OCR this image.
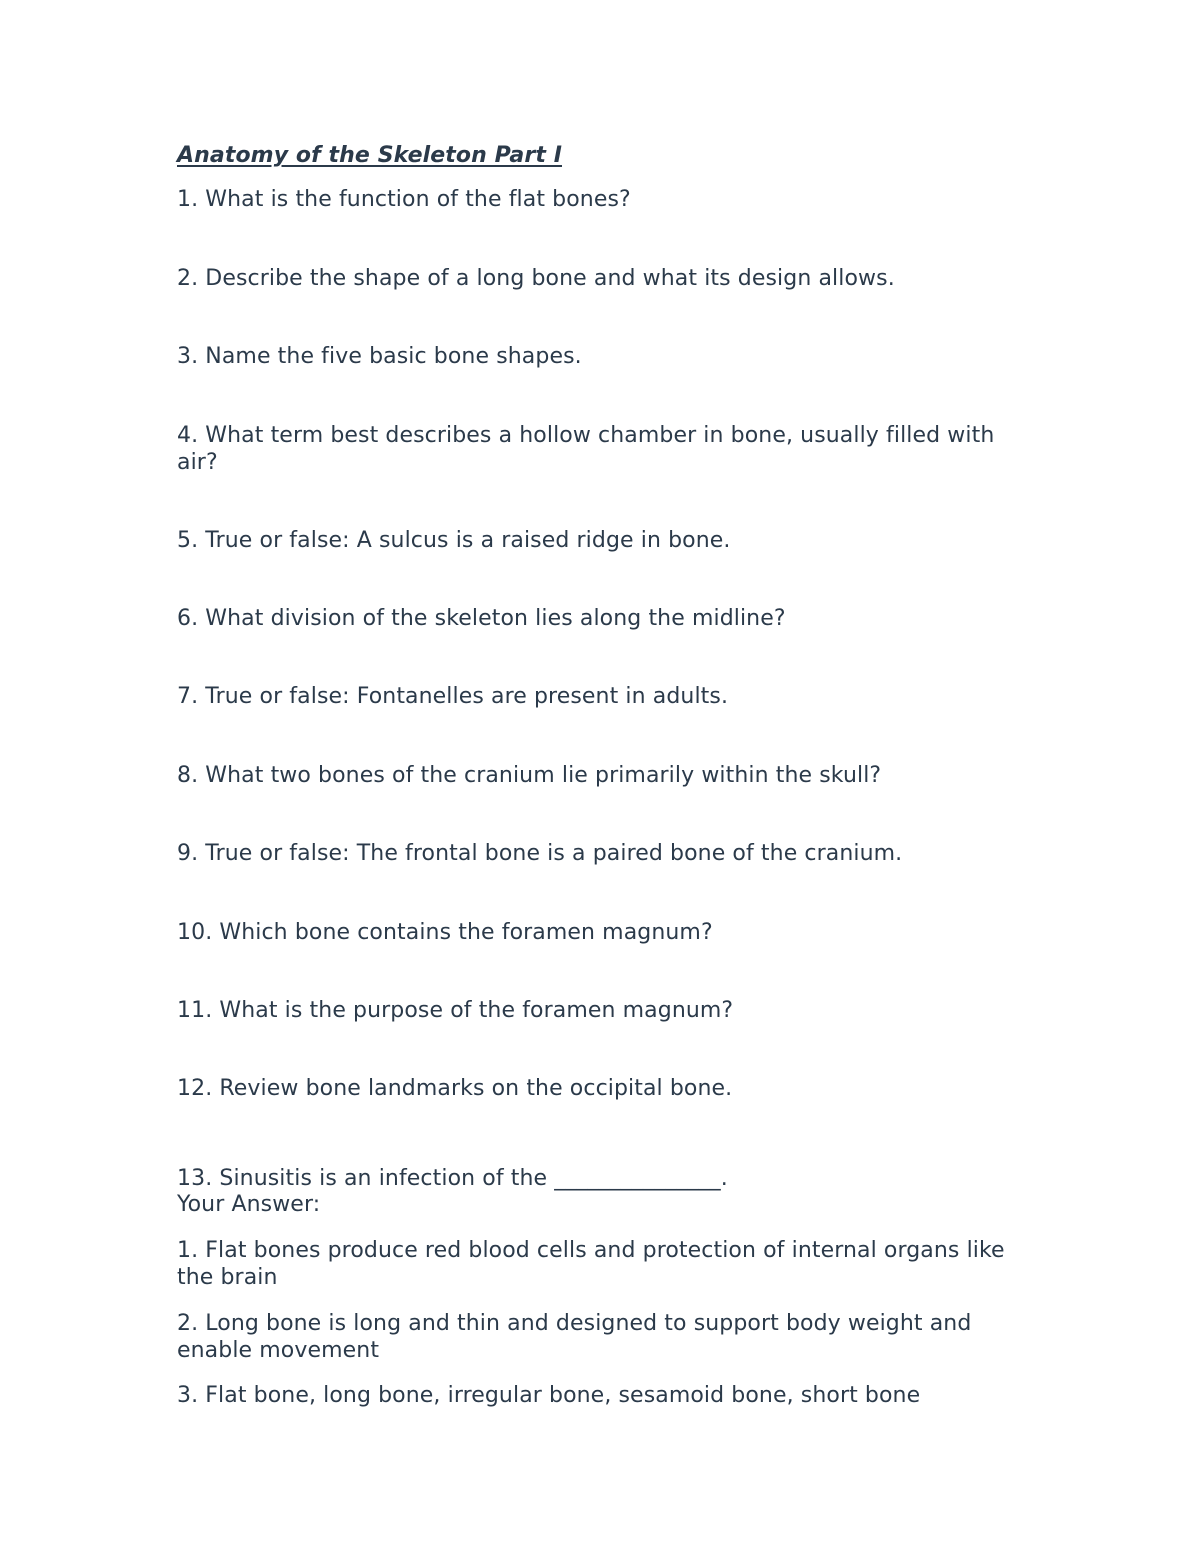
Anatomy of the Skeleton Part I
1. What is the function of the flat bones?
2. Describe the shape of a long bone and what its design allows.
3. Name the five basic bone shapes.
4. What term best describes a hollow chamber in bone, usually filled with air?
5. True or false: A sulcus is a raised ridge in bone.
6. What division of the skeleton lies along the midline?
7. True or false: Fontanelles are present in adults.
8. What two bones of the cranium lie primarily within the skull?
9. True or false: The frontal bone is a paired bone of the cranium.
10. Which bone contains the foramen magnum?
11. What is the purpose of the foramen magnum?
12. Review bone landmarks on the occipital bone.
13. Sinusitis is an infection of the _______________.
Your Answer:
1. Flat bones produce red blood cells and protection of internal organs like the brain
2. Long bone is long and thin and designed to support body weight and enable movement
3. Flat bone, long bone, irregular bone, sesamoid bone, short bone
